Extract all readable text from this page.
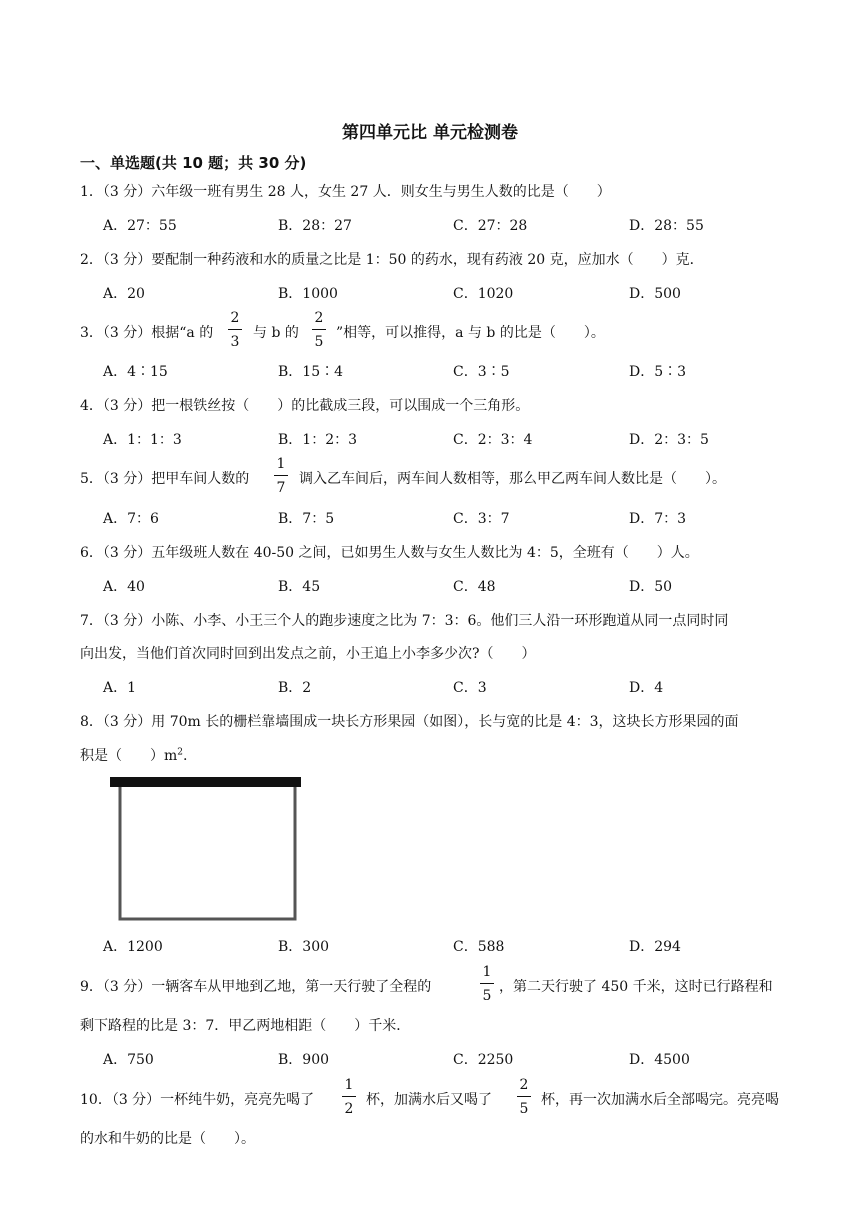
第四单元比 单元检测卷
一、单选题(共 10 题；共 30 分)
1．（3 分）六年级一班有男生 28 人，女生 27 人．则女生与男生人数的比是（　　）
A．27：55	B．28：27	C．27：28	D．28：55
2．（3 分）要配制一种药液和水的质量之比是 1：50 的药水，现有药液 20 克，应加水（　　）克．
A．20	B．1000	C．1020	D．500
3．（3 分）根据“a 的
2
3
与 b 的
2
5
”相等，可以推得，a 与 b 的比是（　　）。
A．4∶15	B．15∶4	C．3∶5	D．5∶3
4．（3 分）把一根铁丝按（　　）的比截成三段，可以围成一个三角形。
A．1：1：3	B．1：2：3	C．2：3：4	D．2：3：5
5．（3 分）把甲车间人数的
1
7
调入乙车间后，两车间人数相等，那么甲乙两车间人数比是（　　）。
A．7：6	B．7：5	C．3：7	D．7：3
6．（3 分）五年级班人数在 40-50 之间，已如男生人数与女生人数比为 4：5，全班有（　　）人。
A．40	B．45	C．48	D．50
7．（3 分）小陈、小李、小王三个人的跑步速度之比为 7：3：6。他们三人沿一环形跑道从同一点同时同
向出发，当他们首次同时回到出发点之前，小王追上小李多少次?（　　）
A．1	B．2	C．3	D．4
8．（3 分）用 70m 长的栅栏靠墙围成一块长方形果园（如图），长与宽的比是 4：3，这块长方形果园的面
积是（　　）$m^2$.
A．1200	B．300	C．588	D．294
9．（3 分）一辆客车从甲地到乙地，第一天行驶了全程的
1
5
，第二天行驶了 450 千米，这时已行路程和
剩下路程的比是 3：7．甲乙两地相距（　　）千米．
A．750	B．900	C．2250	D．4500
10．（3 分）一杯纯牛奶，亮亮先喝了
1
2
杯，加满水后又喝了
2
5
杯，再一次加满水后全部喝完。亮亮喝
的水和牛奶的比是（　　）。
